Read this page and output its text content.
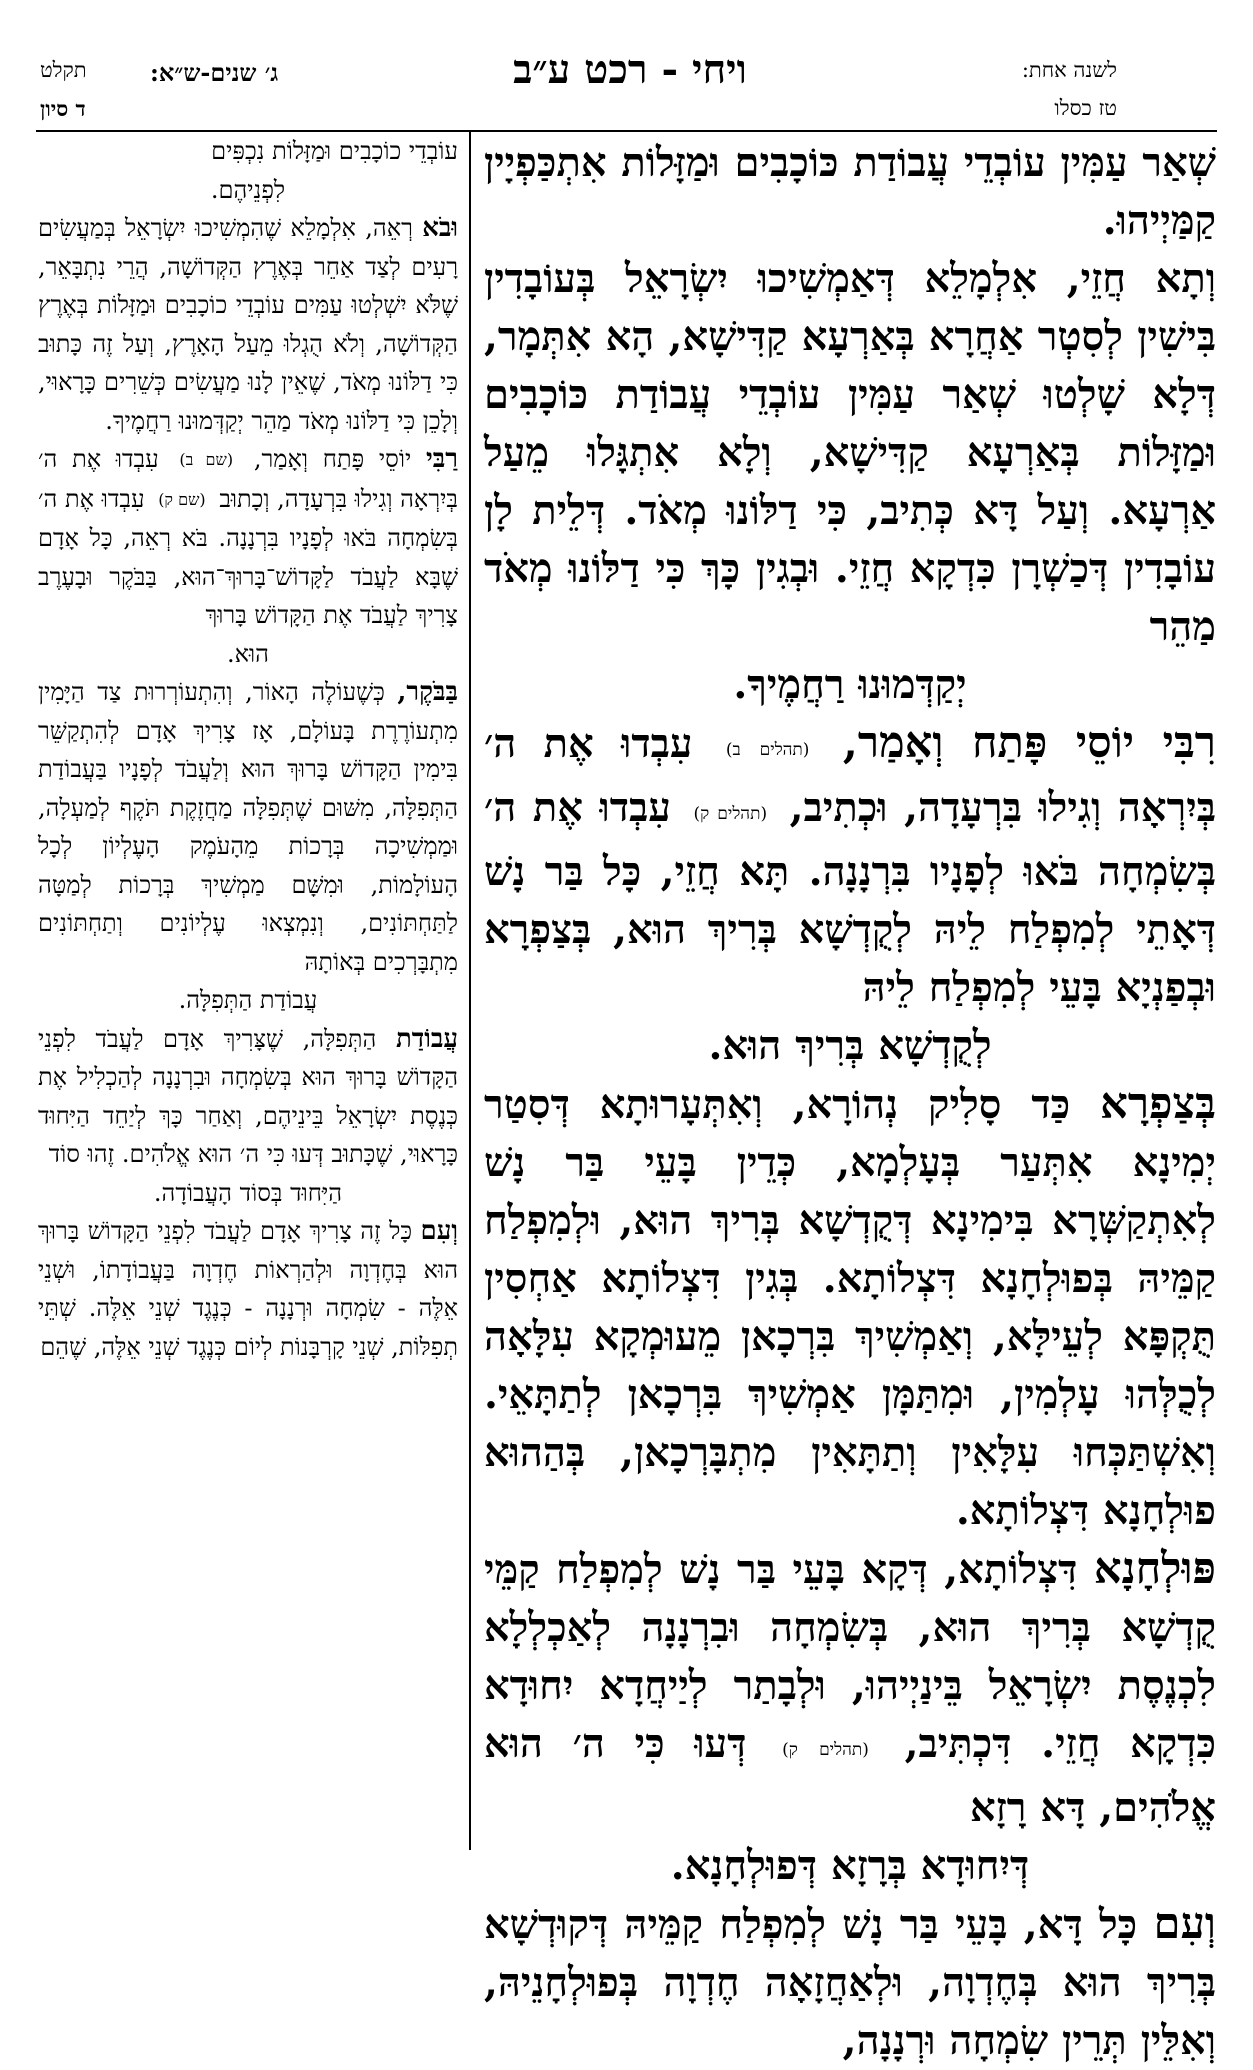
ג׳ שנים-ש״א:
תקלט
ד סיון
ויחי - רכט ע״ב	לשנה אחת:
טז כסלו

שְׁאַר עַמִּין עוֹבְדֵי עֲבוֹדַת כּוֹכָבִים וּמַזָּלוֹת אִתְכַּפְיָין קַמַּיְיהוּ.

וְתָא חֲזֵי, אִלְמָלֵא דְּאַמְשִׁיכוּ יִשְׂרָאֵל בְּעוֹבָדִין בִּישִׁין לְסִטְר אַחֲרָא בְּאַרְעָא קַדִּישָׁא, הָא אִתְּמָר, דְּלָא שָׁלְטוּ שְׁאַר עַמִּין עוֹבְדֵי עֲבוֹדַת כּוֹכָבִים וּמַזָּלוֹת בְּאַרְעָא קַדִּישָׁא, וְלָא אִתְגָּלוּ מֵעַל אַרְעָא. וְעַל דָּא כְּתִיב, כִּי דַלּוֹנוּ מְאֹד. דְּלֵית לָן עוֹבָדִין דְּכַשְׁרָן כִּדְקָא חֲזֵי. וּבְגִין כָּךְ כִּי דַלּוֹנוּ מְאֹד מַהֵר

יְקַדְּמוּנוּ רַחֲמֶיךָ.

רִבִּי יוֹסֵי פָּתַח וְאָמַר, (תהלים ב) עִבְדוּ אֶת ה׳ בְּיִרְאָה וְגִילוּ בִּרְעָדָה, וּכְתִיב, (תהלים ק) עִבְדוּ אֶת ה׳ בְּשִׂמְחָה בֹּאוּ לְפָנָיו בִּרְנָנָה. תָּא חֲזֵי, כָּל בַּר נָשׁ דְּאָתֵי לְמִפְלַח לֵיהּ לְקֻדְשָׁא בְּרִיךְ הוּא, בְּצַפְרָא וּבְפַנְיָא בָּעֵי לְמִפְלַח לֵיהּ

לְקֻדְשָׁא בְּרִיךְ הוּא.

בְּצַפְרָא כַּד סָלִיק נְהוֹרָא, וְאִתְּעָרוּתָא דְּסִטַר יְמִינָא אִתְּעַר בְּעָלְמָא, כְּדֵין בָּעֵי בַּר נָשׁ לְאִתְקַשְּׁרָא בִּימִינָא דְּקֻדְשָׁא בְּרִיךְ הוּא, וּלְמִפְלַח קַמֵּיהּ בְּפוּלְחָנָא דִּצְלוֹתָא. בְּגִין דִּצְלוֹתָא אַחְסִין תֻּקְפָּא לְעֵילָּא, וְאַמְשִׁיךְ בִּרְכָאן מֵעוּמְקָא עִלָּאָה לְכֻלְּהוּ עָלְמִין, וּמִתַּמָּן אַמְשִׁיךְ בִּרְכָאן לְתַתָּאֵי. וְאִשְׁתַּכְּחוּ עִלָּאִין וְתַתָּאִין מִתְבָּרְכָאן, בְּהַהוּא פוּלְחָנָא דִּצְלוֹתָא.

פּוּלְחָנָא דִּצְלוֹתָא, דְּקָא בָּעֵי בַּר נָשׁ לְמִפְלַח קַמֵּי קֻדְשָׁא בְּרִיךְ הוּא, בְּשִׂמְחָה וּבִרְנָנָה לְאַכְלְלָא לִכְנֶסֶת יִשְׂרָאֵל בֵּינַיְיהוּ, וּלְבָתַר לְיַיחֲדָא יִחוּדָא כִּדְקָא חֲזֵי. דִּכְתִּיב, (תהלים ק) דְּעוּ כִּי ה׳ הוּא אֱלֹהִים, דָּא רָזָא

דְּיִחוּדָא בְּרָזָא דְּפוּלְחָנָא.

וְעִם כָּל דָּא, בָּעֵי בַּר נָשׁ לְמִפְלַח קַמֵּיהּ דְּקוּדְשָׁא בְּרִיךְ הוּא בְּחֶדְוָה, וּלְאַחֲזָאָה חֶדְוָה בְּפוּלְחָנֵיהּ, וְאִלֵּין תְּרֵין שִׂמְחָה וּרְנָנָה,

עוֹבְדֵי כוֹכָבִים וּמַזָּלוֹת נִכְפִּים

לִפְנֵיהֶם.

וּבֹא רְאֵה, אִלְמָלֵא שֶׁהִמְשִׁיכוּ יִשְׂרָאֵל בְּמַעֲשִׂים רָעִים לְצַד אַחֵר בְּאֶרֶץ הַקְּדוֹשָׁה, הֲרֵי נִתְבָּאֵר, שֶׁלֹּא יִשְׁלְטוּ עַמִּים עוֹבְדֵי כוֹכָבִים וּמַזָּלוֹת בְּאֶרֶץ הַקְּדוֹשָׁה, וְלֹא הֻגְלוּ מֵעַל הָאָרֶץ, וְעַל זֶה כָּתוּב כִּי דַלּוֹנוּ מְאֹד, שֶׁאֵין לָנוּ מַעֲשִׂים כְּשֵׁרִים כָּרָאוּי, וְלָכֵן כִּי דַלּוֹנוּ מְאֹד מַהֵר יְקַדְּמוּנוּ רַחֲמֶיךָ.

רַבִּי יוֹסֵי פָּתַח וְאָמַר, (שם ב) עִבְדוּ אֶת ה׳ בְּיִרְאָה וְגִילוּ בִּרְעָדָה, וְכָתוּב (שם ק) עִבְדוּ אֶת ה׳ בְּשִׂמְחָה בֹּאוּ לְפָנָיו בִּרְנָנָה. בֹּא רְאֵה, כָּל אָדָם שֶׁבָּא לַעֲבֹד לַקָּדוֹשׁ־בָּרוּךְ־הוּא, בַּבֹּקֶר וּבָעֶרֶב צָרִיךְ לַעֲבֹד אֶת הַקָּדוֹשׁ בָּרוּךְ

הוּא.

בַּבֹּקֶר, כְּשֶׁעוֹלֶה הָאוֹר, וְהִתְעוֹרְרוּת צַד הַיָּמִין מִתְעוֹרֶרֶת בָּעוֹלָם, אָז צָרִיךְ אָדָם לְהִתְקַשֵּׁר בִּימִין הַקָּדוֹשׁ בָּרוּךְ הוּא וְלַעֲבֹד לְפָנָיו בַּעֲבוֹדַת הַתְּפִלָּה, מִשּׁוּם שֶׁתְּפִלָּה מַחֲזֶקֶת תֹּקֶף לְמַעְלָה, וּמַמְשִׁיכָה בְּרָכוֹת מֵהָעֹמֶק הָעֶלְיוֹן לְכָל הָעוֹלָמוֹת, וּמִשָּׁם מַמְשִׁיךְ בְּרָכוֹת לְמַטָּה לַתַּחְתּוֹנִים, וְנִמְצְאוּ עֶלְיוֹנִים וְתַחְתּוֹנִים מִתְבָּרְכִים בְּאוֹתָהּ

עֲבוֹדַת הַתְּפִלָּה.

עֲבוֹדַת הַתְּפִלָּה, שֶׁצָּרִיךְ אָדָם לַעֲבֹד לִפְנֵי הַקָּדוֹשׁ בָּרוּךְ הוּא בְּשִׂמְחָה וּבִרְנָנָה לְהַכְלִיל אֶת כְּנֶסֶת יִשְׂרָאֵל בֵּינֵיהֶם, וְאַחַר כָּךְ לְיַחֵד הַיִּחוּד כָּרָאוּי, שֶׁכָּתוּב דְּעוּ כִּי ה׳ הוּא אֱלֹהִים. זֶהוּ סוֹד

הַיִּחוּד בְּסוֹד הָעֲבוֹדָה.

וְעִם כָּל זֶה צָרִיךְ אָדָם לַעֲבֹד לִפְנֵי הַקָּדוֹשׁ בָּרוּךְ הוּא בְּחֶדְוָה וּלְהַרְאוֹת חֶדְוָה בַּעֲבוֹדָתוֹ, וּשְׁנֵי אֵלֶּה - שִׂמְחָה וּרְנָנָה - כְּנֶגֶד שְׁנֵי אֵלֶּה. שְׁתֵּי תְפִלּוֹת, שְׁנֵי קָרְבָּנוֹת לְיוֹם כְּנֶגֶד שְׁנֵי אֵלֶּה, שֶׁהֵם
